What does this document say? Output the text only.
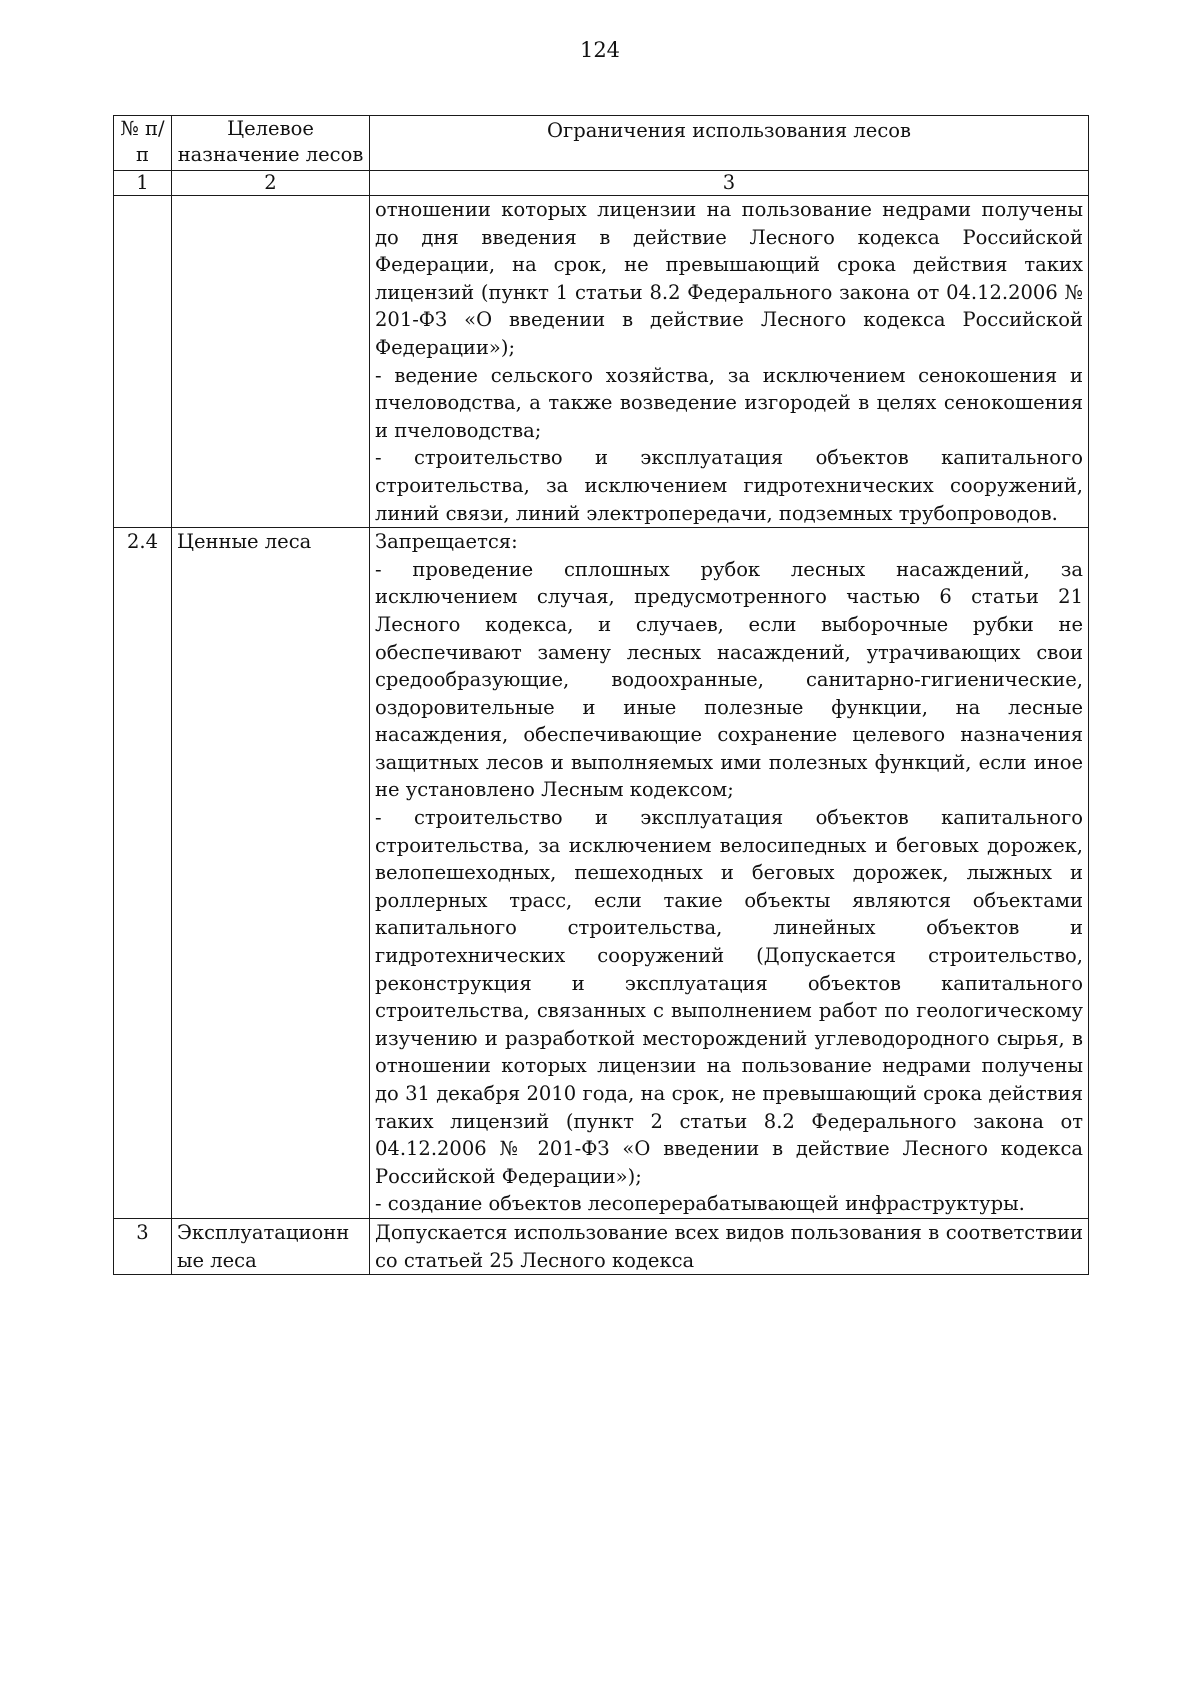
124
№ п/п	Целевое назначение лесов	Ограничения использования лесов
1	2	3

		отношении которых лицензии на пользование недрами получены до дня введения в действие Лесного кодекса Российской Федерации, на срок, не превышающий срока действия таких лицензий (пункт 1 статьи 8.2 Федерального закона от 04.12.2006 № 201-ФЗ «О введении в действие Лесного кодекса Российской Федерации»);
- ведение сельского хозяйства, за исключением сенокошения и пчеловодства, а также возведение изгородей в целях сенокошения и пчеловодства;
- строительство и эксплуатация объектов капитального строительства, за исключением гидротехнических сооружений, линий связи, линий электропередачи, подземных трубопроводов.

2.4	Ценные леса	Запрещается:
- проведение сплошных рубок лесных насаждений, за исключением случая, предусмотренного частью 6 статьи 21 Лесного кодекса, и случаев, если выборочные рубки не обеспечивают замену лесных насаждений, утрачивающих свои средообразующие, водоохранные, санитарно-гигиенические, оздоровительные и иные полезные функции, на лесные насаждения, обеспечивающие сохранение целевого назначения защитных лесов и выполняемых ими полезных функций, если иное не установлено Лесным кодексом;
- строительство и эксплуатация объектов капитального строительства, за исключением велосипедных и беговых дорожек, велопешеходных, пешеходных и беговых дорожек, лыжных и роллерных трасс, если такие объекты являются объектами капитального строительства, линейных объектов и гидротехнических сооружений (Допускается строительство, реконструкция и эксплуатация объектов капитального строительства, связанных с выполнением работ по геологическому изучению и разработкой месторождений углеводородного сырья, в отношении которых лицензии на пользование недрами получены до 31 декабря 2010 года, на срок, не превышающий срока действия таких лицензий (пункт 2 статьи 8.2 Федерального закона от 04.12.2006 № 201-ФЗ «О введении в действие Лесного кодекса Российской Федерации»);
- создание объектов лесоперерабатывающей инфраструктуры.

3	Эксплуатационн ые леса	Допускается использование всех видов пользования в соответствии со статьей 25 Лесного кодекса
